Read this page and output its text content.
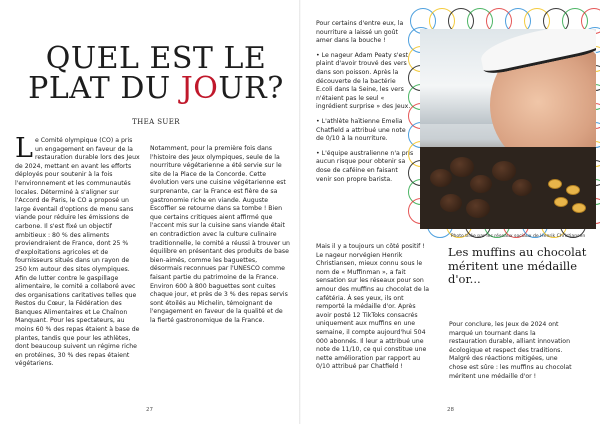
QUEL EST LE
PLAT DU JOUR?
THEA SUER

Le Comité olympique (CO) a pris un engagement en faveur de la restauration durable lors des Jeux de 2024, mettant en avant les efforts déployés pour soutenir à la fois l'environnement et les communautés locales. Déterminé à s'aligner sur l'Accord de Paris, le CO a proposé un large éventail d'options de menu sans viande pour réduire les émissions de carbone. Il s'est fixé un objectif ambitieux : 80 % des aliments proviendraient de France, dont 25 % d'exploitations agricoles et de fournisseurs situés dans un rayon de 250 km autour des sites olympiques. Afin de lutter contre le gaspillage alimentaire, le comité a collaboré avec des organisations caritatives telles que Restos du Cœur, la Fédération des Banques Alimentaires et Le Chaînon Manquant. Pour les spectateurs, au moins 60 % des repas étaient à base de plantes, tandis que pour les athlètes, dont beaucoup suivent un régime riche en protéines, 30 % des repas étaient végétariens.

Notamment, pour la première fois dans l'histoire des Jeux olympiques, seule de la nourriture végétarienne a été servie sur le site de la Place de la Concorde. Cette évolution vers une cuisine végétarienne est surprenante, car la France est fière de sa gastronomie riche en viande. Auguste Escoffier se retourne dans sa tombe ! Bien que certains critiques aient affirmé que l'accent mis sur la cuisine sans viande était en contradiction avec la culture culinaire traditionnelle, le comité a réussi à trouver un équilibre en présentant des produits de base bien-aimés, comme les baguettes, désormais reconnues par l'UNESCO comme faisant partie du patrimoine de la France. Environ 600 à 800 baguettes sont cuites chaque jour, et près de 3 % des repas servis sont étoilés au Michelin, témoignant de l'engagement en faveur de la qualité et de la fierté gastronomique de la France.

27

Pour certains d'entre eux, la nourriture a laissé un goût amer dans la bouche !

• Le nageur Adam Peaty s'est plaint d'avoir trouvé des vers dans son poisson. Après la découverte de la bactérie E.coli dans la Seine, les vers n'étaient pas le seul « ingrédient surprise » des Jeux.

• L'athlète haïtienne Emelia Chatfield a attribué une note de 0/10 à la nourriture.

• L'équipe australienne n'a pris aucun risque pour obtenir sa dose de caféine en faisant venir son propre barista.

Photo tirée par les réseaux sociaux de Henrik Christiansen
Les muffins au chocolat méritent une médaille d'or...

Mais il y a toujours un côté positif ! Le nageur norvégien Henrik Christiansen, mieux connu sous le nom de « Muffinman », a fait sensation sur les réseaux pour son amour des muffins au chocolat de la cafétéria. À ses yeux, ils ont remporté la médaille d'or. Après avoir posté 12 TikToks consacrés uniquement aux muffins en une semaine, il compte aujourd'hui 504 000 abonnés. Il leur a attribué une note de 11/10, ce qui constitue une nette amélioration par rapport au 0/10 attribué par Chatfield !

Pour conclure, les Jeux de 2024 ont marqué un tournant dans la restauration durable, alliant innovation écologique et respect des traditions. Malgré des réactions mitigées, une chose est sûre : les muffins au chocolat méritent une médaille d'or !

28
